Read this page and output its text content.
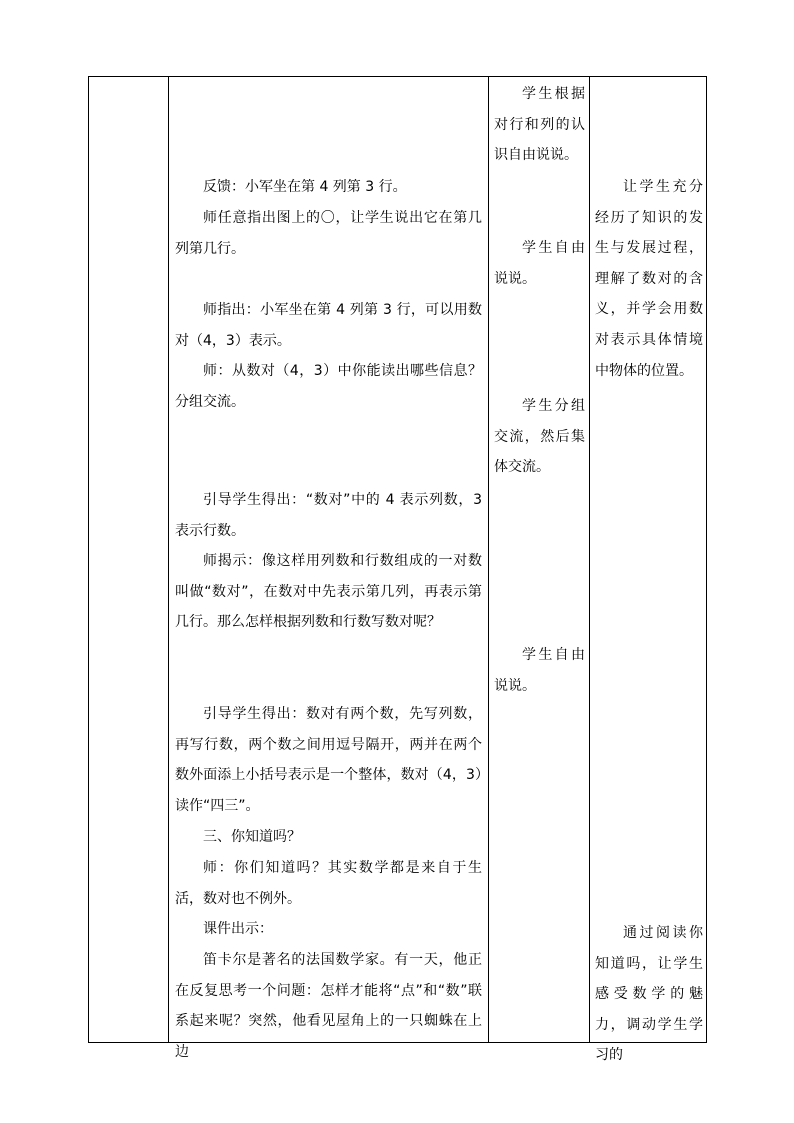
反馈：小军坐在第 4 列第 3 行。

师任意指出图上的〇，让学生说出它在第几列第几行。

师指出：小军坐在第 4 列第 3 行，可以用数对（4，3）表示。

师：从数对（4，3）中你能读出哪些信息？分组交流。

引导学生得出：“数对”中的 4 表示列数，3 表示行数。

师揭示：像这样用列数和行数组成的一对数叫做“数对”，在数对中先表示第几列，再表示第几行。那么怎样根据列数和行数写数对呢？

引导学生得出：数对有两个数，先写列数，再写行数，两个数之间用逗号隔开，两并在两个数外面添上小括号表示是一个整体，数对（4，3）读作“四三”。

三、你知道吗？

师：你们知道吗？其实数学都是来自于生活，数对也不例外。

课件出示：

笛卡尔是著名的法国数学家。有一天，他正在反复思考一个问题：怎样才能将“点”和“数”联系起来呢？突然，他看见屋角上的一只蜘蛛在上边

学生根据对行和列的认识自由说说。

学生自由说说。

学生分组交流，然后集体交流。

学生自由说说。

让学生充分经历了知识的发生与发展过程，理解了数对的含义，并学会用数对表示具体情境中物体的位置。

通过阅读你知道吗，让学生感受数学的魅力，调动学生学习的
